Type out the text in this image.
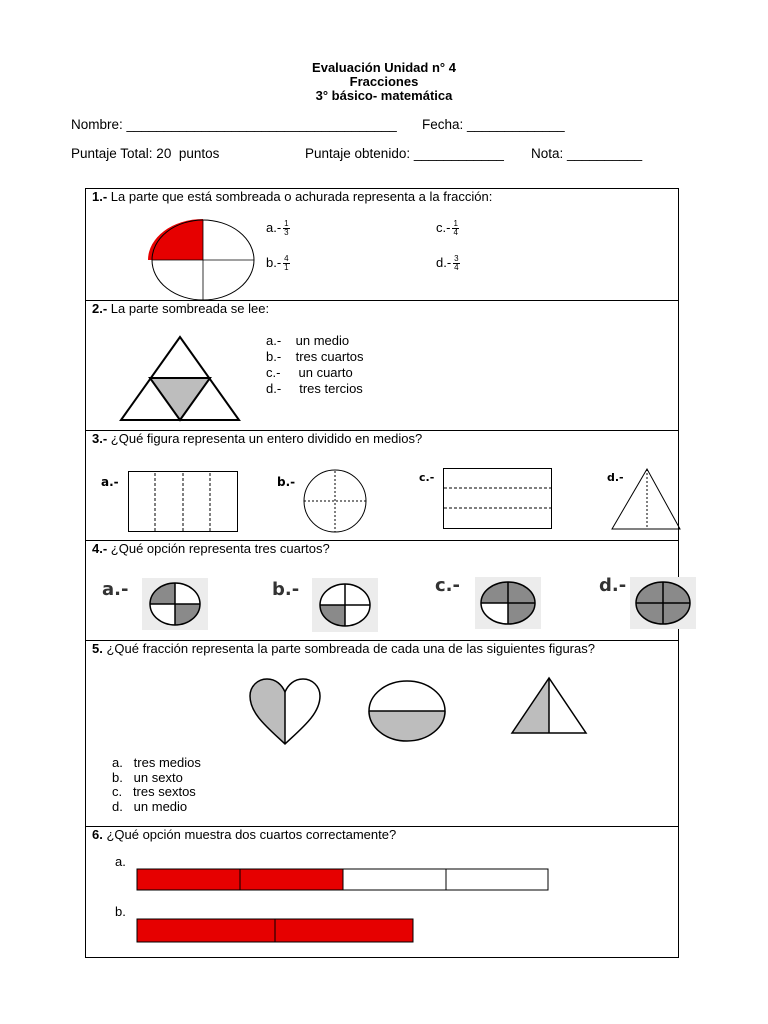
Evaluación Unidad n° 4
Fracciones
3° básico- matemática
Nombre: ____________________________________ Fecha: _____________
Puntaje Total: 20  puntos	Puntaje obtenido: ____________ Nota: __________
1.- La parte que está sombreada o achurada representa a la fracción:
$a.- \frac{1}{3}$
$b.- \frac{4}{1}$
$c.- \frac{1}{4}$
$d.- \frac{3}{4}$
2.- La parte sombreada se lee:
a.-    un medio
b.-    tres cuartos
c.-     un cuarto
d.-     tres tercios
3.- ¿Qué figura representa un entero dividido en medios?
a.-	b.-	c.-	d.-
4.- ¿Qué opción representa tres cuartos?
a.-	b.-	c.-	d.-
5. ¿Qué fracción representa la parte sombreada de cada una de las siguientes figuras?
a.   tres medios
b.   un sexto
c.   tres sextos
d.   un medio
6. ¿Qué opción muestra dos cuartos correctamente?
a.
b.
